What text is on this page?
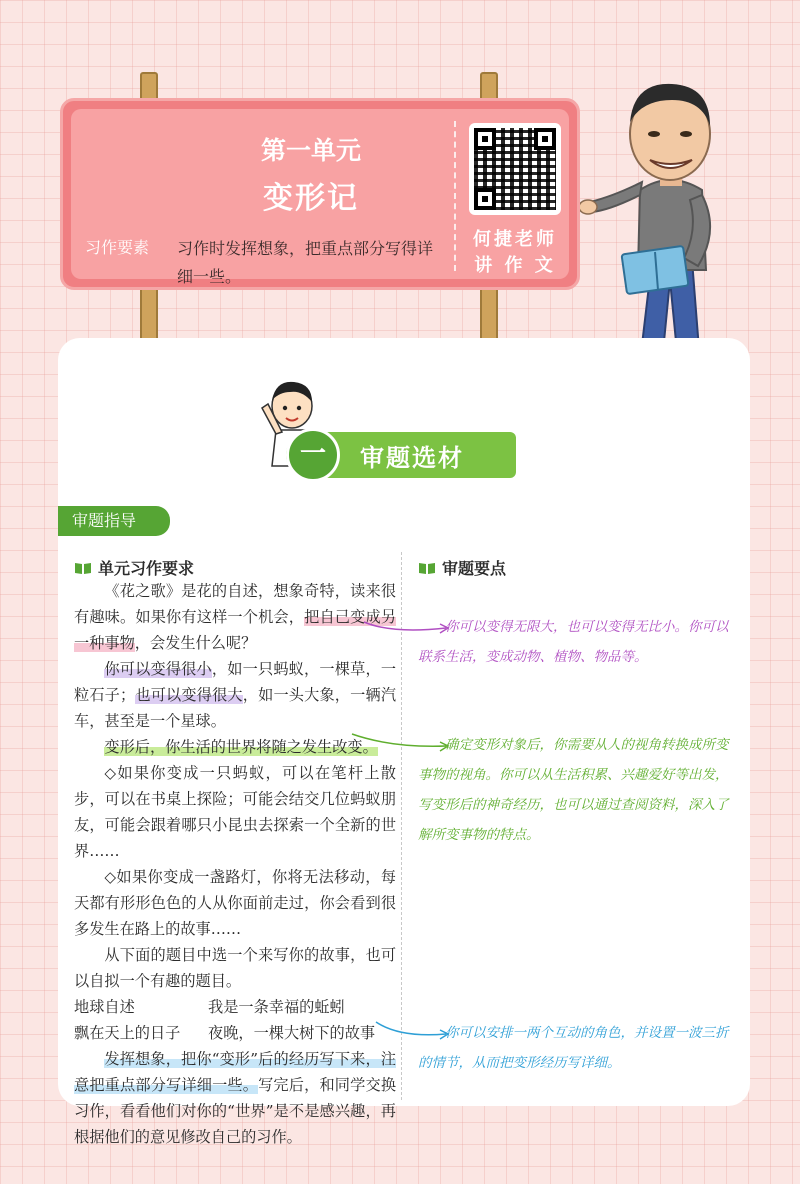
第一单元
变形记
习作要素 习作时发挥想象，把重点部分写得详细一些。
何捷老师
讲 作 文
一	审题选材
审题指导
单元习作要求	审题要点

《花之歌》是花的自述，想象奇特，读来很有趣味。如果你有这样一个机会，把自己变成另一种事物，会发生什么呢？

你可以变得很小，如一只蚂蚁，一棵草，一粒石子；也可以变得很大，如一头大象，一辆汽车，甚至是一个星球。

变形后，你生活的世界将随之发生改变。

◇如果你变成一只蚂蚁，可以在笔杆上散步，可以在书桌上探险；可能会结交几位蚂蚁朋友，可能会跟着哪只小昆虫去探索一个全新的世界……

◇如果你变成一盏路灯，你将无法移动，每天都有形形色色的人从你面前走过，你会看到很多发生在路上的故事……

从下面的题目中选一个来写你的故事，也可以自拟一个有趣的题目。

地球自述	我是一条幸福的蚯蚓
飘在天上的日子	夜晚，一棵大树下的故事

发挥想象，把你“变形”后的经历写下来，注意把重点部分写详细一些。写完后，和同学交换习作，看看他们对你的“世界”是不是感兴趣，再根据他们的意见修改自己的习作。

你可以变得无限大，也可以变得无比小。你可以联系生活，变成动物、植物、物品等。
确定变形对象后，你需要从人的视角转换成所变事物的视角。你可以从生活积累、兴趣爱好等出发，写变形后的神奇经历，也可以通过查阅资料，深入了解所变事物的特点。
你可以安排一两个互动的角色，并设置一波三折的情节，从而把变形经历写详细。
